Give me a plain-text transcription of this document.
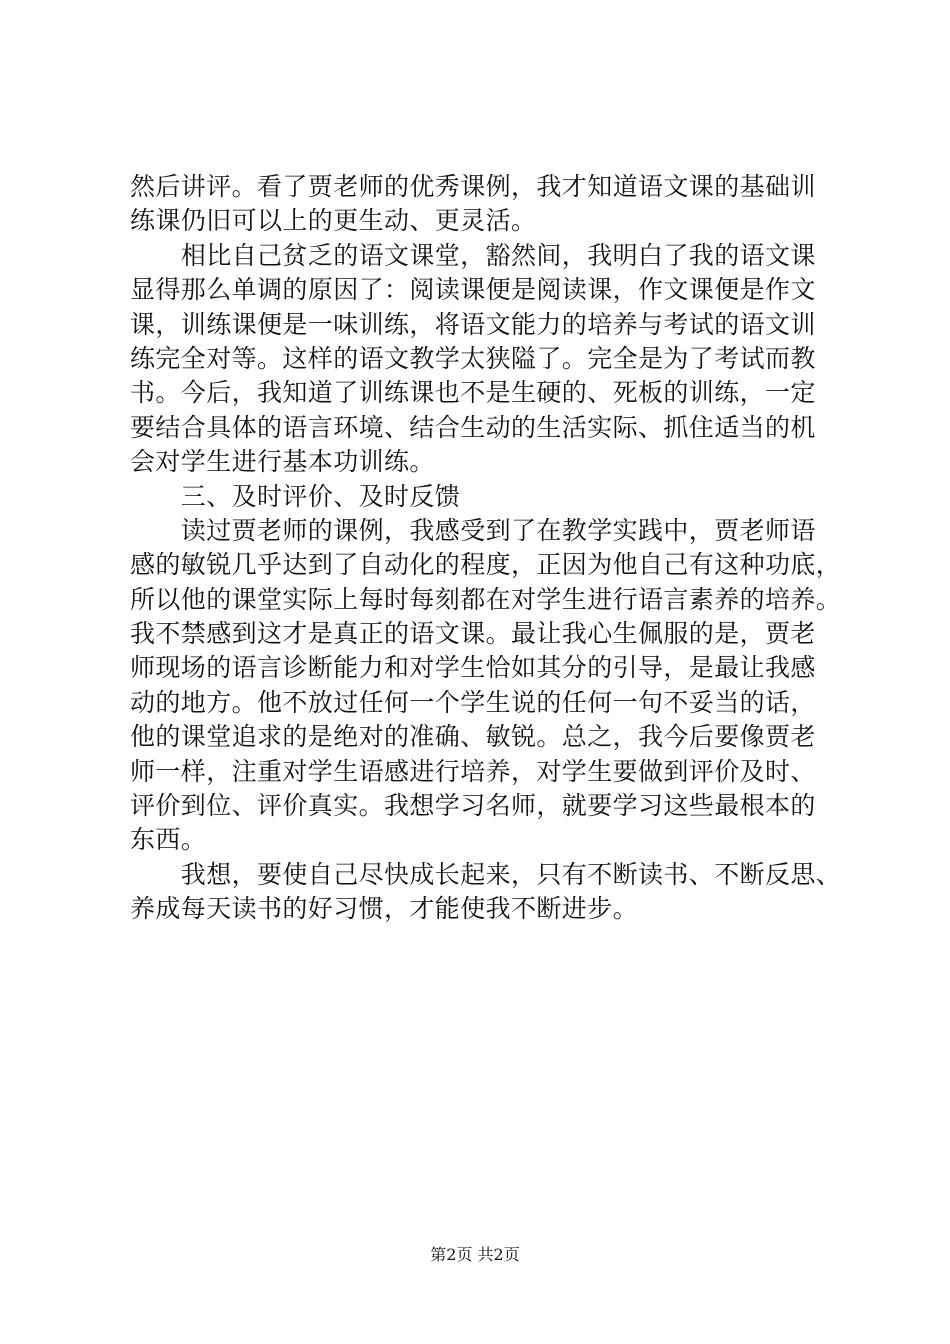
然后讲评。看了贾老师的优秀课例，我才知道语文课的基础训
练课仍旧可以上的更生动、更灵活。
　　相比自己贫乏的语文课堂，豁然间，我明白了我的语文课
显得那么单调的原因了：阅读课便是阅读课，作文课便是作文
课，训练课便是一味训练，将语文能力的培养与考试的语文训
练完全对等。这样的语文教学太狭隘了。完全是为了考试而教
书。今后，我知道了训练课也不是生硬的、死板的训练，一定
要结合具体的语言环境、结合生动的生活实际、抓住适当的机
会对学生进行基本功训练。
　　三、及时评价、及时反馈
　　读过贾老师的课例，我感受到了在教学实践中，贾老师语
感的敏锐几乎达到了自动化的程度，正因为他自己有这种功底，
所以他的课堂实际上每时每刻都在对学生进行语言素养的培养。
我不禁感到这才是真正的语文课。最让我心生佩服的是，贾老
师现场的语言诊断能力和对学生恰如其分的引导，是最让我感
动的地方。他不放过任何一个学生说的任何一句不妥当的话，
他的课堂追求的是绝对的准确、敏锐。总之，我今后要像贾老
师一样，注重对学生语感进行培养，对学生要做到评价及时、
评价到位、评价真实。我想学习名师，就要学习这些最根本的
东西。
　　我想，要使自己尽快成长起来，只有不断读书、不断反思、
养成每天读书的好习惯，才能使我不断进步。
第2页 共2页
